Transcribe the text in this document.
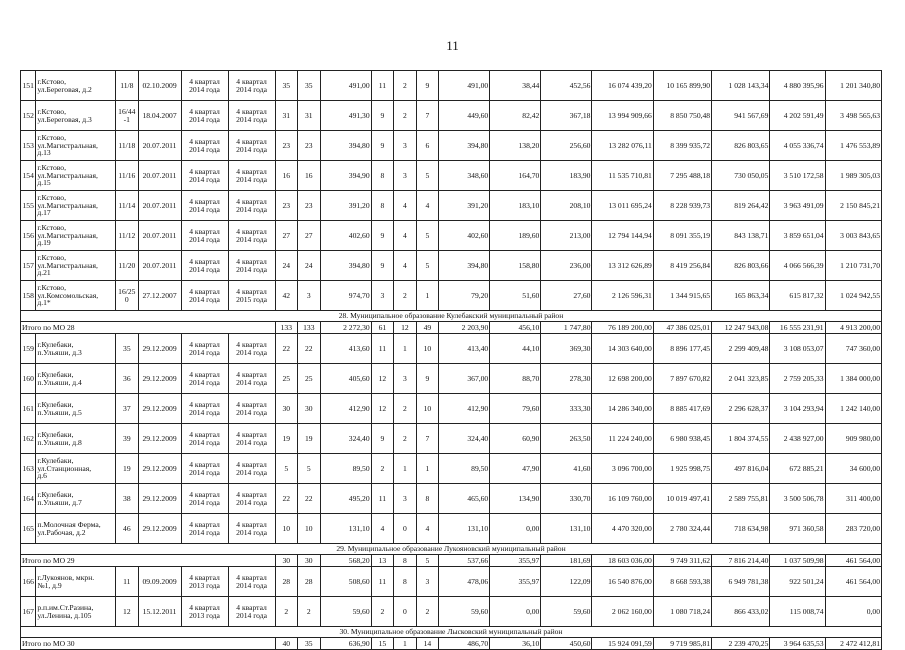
11
151	г.Кстово,
ул.Береговая, д.2	11/8	02.10.2009	4 квартал
2014 года	4 квартал
2014 года	35	35	491,00	11	2	9	491,00	38,44	452,56	16 074 439,20	10 165 899,90	1 028 143,34	4 880 395,96	1 201 340,80
152	г.Кстово,
ул.Береговая, д.3	16/44
-1	18.04.2007	4 квартал
2014 года	4 квартал
2014 года	31	31	491,30	9	2	7	449,60	82,42	367,18	13 994 909,66	8 850 750,48	941 567,69	4 202 591,49	3 498 565,63
153	г.Кстово,
ул.Магистральная,
д.13	11/18	20.07.2011	4 квартал
2014 года	4 квартал
2014 года	23	23	394,80	9	3	6	394,80	138,20	256,60	13 282 076,11	8 399 935,72	826 803,65	4 055 336,74	1 476 553,89
154	г.Кстово,
ул.Магистральная,
д.15	11/16	20.07.2011	4 квартал
2014 года	4 квартал
2014 года	16	16	394,90	8	3	5	348,60	164,70	183,90	11 535 710,81	7 295 488,18	730 050,05	3 510 172,58	1 989 305,03
155	г.Кстово,
ул.Магистральная,
д.17	11/14	20.07.2011	4 квартал
2014 года	4 квартал
2014 года	23	23	391,20	8	4	4	391,20	183,10	208,10	13 011 695,24	8 228 939,73	819 264,42	3 963 491,09	2 150 845,21
156	г.Кстово,
ул.Магистральная,
д.19	11/12	20.07.2011	4 квартал
2014 года	4 квартал
2014 года	27	27	402,60	9	4	5	402,60	189,60	213,00	12 794 144,94	8 091 355,19	843 138,71	3 859 651,04	3 003 843,65
157	г.Кстово,
ул.Магистральная,
д.21	11/20	20.07.2011	4 квартал
2014 года	4 квартал
2014 года	24	24	394,80	9	4	5	394,80	158,80	236,00	13 312 626,89	8 419 256,84	826 803,66	4 066 566,39	1 210 731,70
158	г.Кстово,
ул.Комсомольская,
д.1*	16/25
0	27.12.2007	4 квартал
2014 года	4 квартал
2015 года	42	3	974,70	3	2	1	79,20	51,60	27,60	2 126 596,31	1 344 915,65	165 863,34	615 817,32	1 024 942,55
28. Муниципальное образование Кулебакский муниципальный район																			
Итого по МО 28						133	133	2 272,30	61	12	49	2 203,90	456,10	1 747,80	76 189 200,00	47 386 025,01	12 247 943,08	16 555 231,91	4 913 200,00
159	г.Кулебаки,
п.Ульяши, д.3	35	29.12.2009	4 квартал
2014 года	4 квартал
2014 года	22	22	413,60	11	1	10	413,40	44,10	369,30	14 303 640,00	8 896 177,45	2 299 409,48	3 108 053,07	747 360,00
160	г.Кулебаки,
п.Ульяши, д.4	36	29.12.2009	4 квартал
2014 года	4 квартал
2014 года	25	25	405,60	12	3	9	367,00	88,70	278,30	12 698 200,00	7 897 670,82	2 041 323,85	2 759 205,33	1 384 000,00
161	г.Кулебаки,
п.Ульяши, д.5	37	29.12.2009	4 квартал
2014 года	4 квартал
2014 года	30	30	412,90	12	2	10	412,90	79,60	333,30	14 286 340,00	8 885 417,69	2 296 628,37	3 104 293,94	1 242 140,00
162	г.Кулебаки,
п.Ульяши, д.8	39	29.12.2009	4 квартал
2014 года	4 квартал
2014 года	19	19	324,40	9	2	7	324,40	60,90	263,50	11 224 240,00	6 980 938,45	1 804 374,55	2 438 927,00	909 980,00
163	г.Кулебаки,
ул.Станционная,
д.6	19	29.12.2009	4 квартал
2014 года	4 квартал
2014 года	5	5	89,50	2	1	1	89,50	47,90	41,60	3 096 700,00	1 925 998,75	497 816,04	672 885,21	34 600,00
164	г.Кулебаки,
п.Ульяши, д.7	38	29.12.2009	4 квартал
2014 года	4 квартал
2014 года	22	22	495,20	11	3	8	465,60	134,90	330,70	16 109 760,00	10 019 497,41	2 589 755,81	3 500 506,78	311 400,00
165	п.Молочная Ферма,
ул.Рабочая, д.2	46	29.12.2009	4 квартал
2014 года	4 квартал
2014 года	10	10	131,10	4	0	4	131,10	0,00	131,10	4 470 320,00	2 780 324,44	718 634,98	971 360,58	283 720,00
29. Муниципальное образование Лукояновский муниципальный район																			
Итого по МО 29						30	30	568,20	13	8	5	537,66	355,97	181,69	18 603 036,00	9 749 311,62	7 816 214,40	1 037 509,98	461 564,00
166	г.Лукоянов, мкрн.
№1, д.9	11	09.09.2009	4 квартал
2013 года	4 квартал
2014 года	28	28	508,60	11	8	3	478,06	355,97	122,09	16 540 876,00	8 668 593,38	6 949 781,38	922 501,24	461 564,00
167	р.п.им.Ст.Разина,
ул.Ленина, д.105	12	15.12.2011	4 квартал
2013 года	4 квартал
2014 года	2	2	59,60	2	0	2	59,60	0,00	59,60	2 062 160,00	1 080 718,24	866 433,02	115 008,74	0,00
30. Муниципальное образование Лысковский муниципальный район																			
Итого по МО 30						40	35	636,90	15	1	14	486,70	36,10	450,60	15 924 091,59	9 719 985,81	2 239 470,25	3 964 635,53	2 472 412,81
